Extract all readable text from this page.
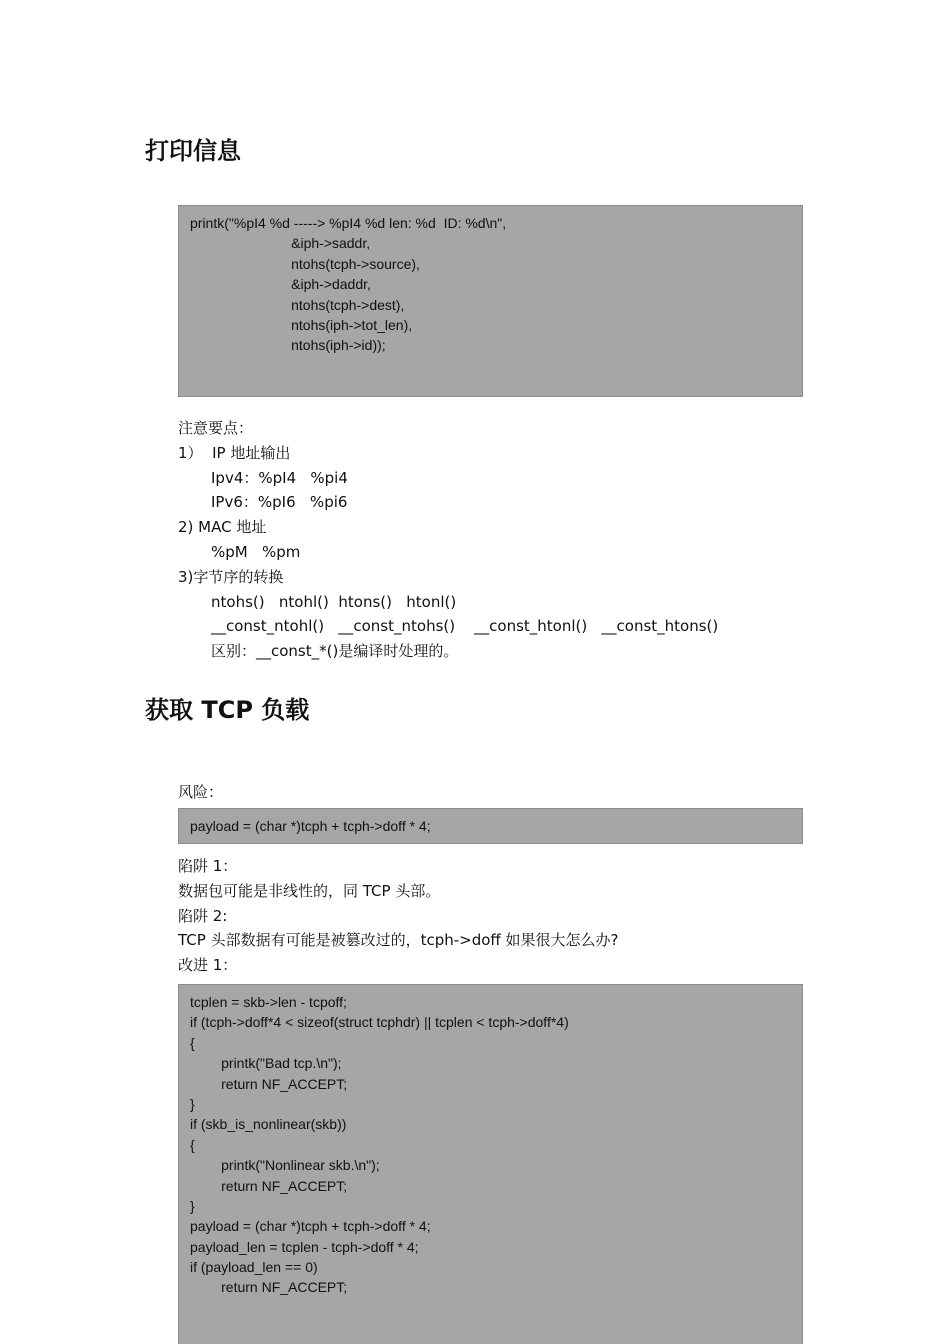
打印信息
printk("%pI4 %d -----> %pI4 %d len: %d  ID: %d\n",
&iph->saddr,
ntohs(tcph->source),
&iph->daddr,
ntohs(tcph->dest),
ntohs(iph->tot_len),
ntohs(iph->id));
注意要点：
1）  IP 地址输出
Ipv4：%pI4   %pi4
IPv6：%pI6   %pi6
2) MAC 地址
%pM   %pm
3)字节序的转换
ntohs()   ntohl()  htons()   htonl()
__const_ntohl()   __const_ntohs()    __const_htonl()   __const_htons()
区别：__const_*()是编译时处理的。
获取 TCP 负载
风险：
payload = (char *)tcph + tcph->doff * 4;
陷阱 1：
数据包可能是非线性的，同 TCP 头部。
陷阱 2:
TCP 头部数据有可能是被篡改过的，tcph->doff 如果很大怎么办?
改进 1：
tcplen = skb->len - tcpoff;
if (tcph->doff*4 < sizeof(struct tcphdr) || tcplen < tcph->doff*4)
{
printk("Bad tcp.\n");
return NF_ACCEPT;
}
if (skb_is_nonlinear(skb))
{
printk("Nonlinear skb.\n");
return NF_ACCEPT;
}
payload = (char *)tcph + tcph->doff * 4;
payload_len = tcplen - tcph->doff * 4;
if (payload_len == 0)
return NF_ACCEPT;
